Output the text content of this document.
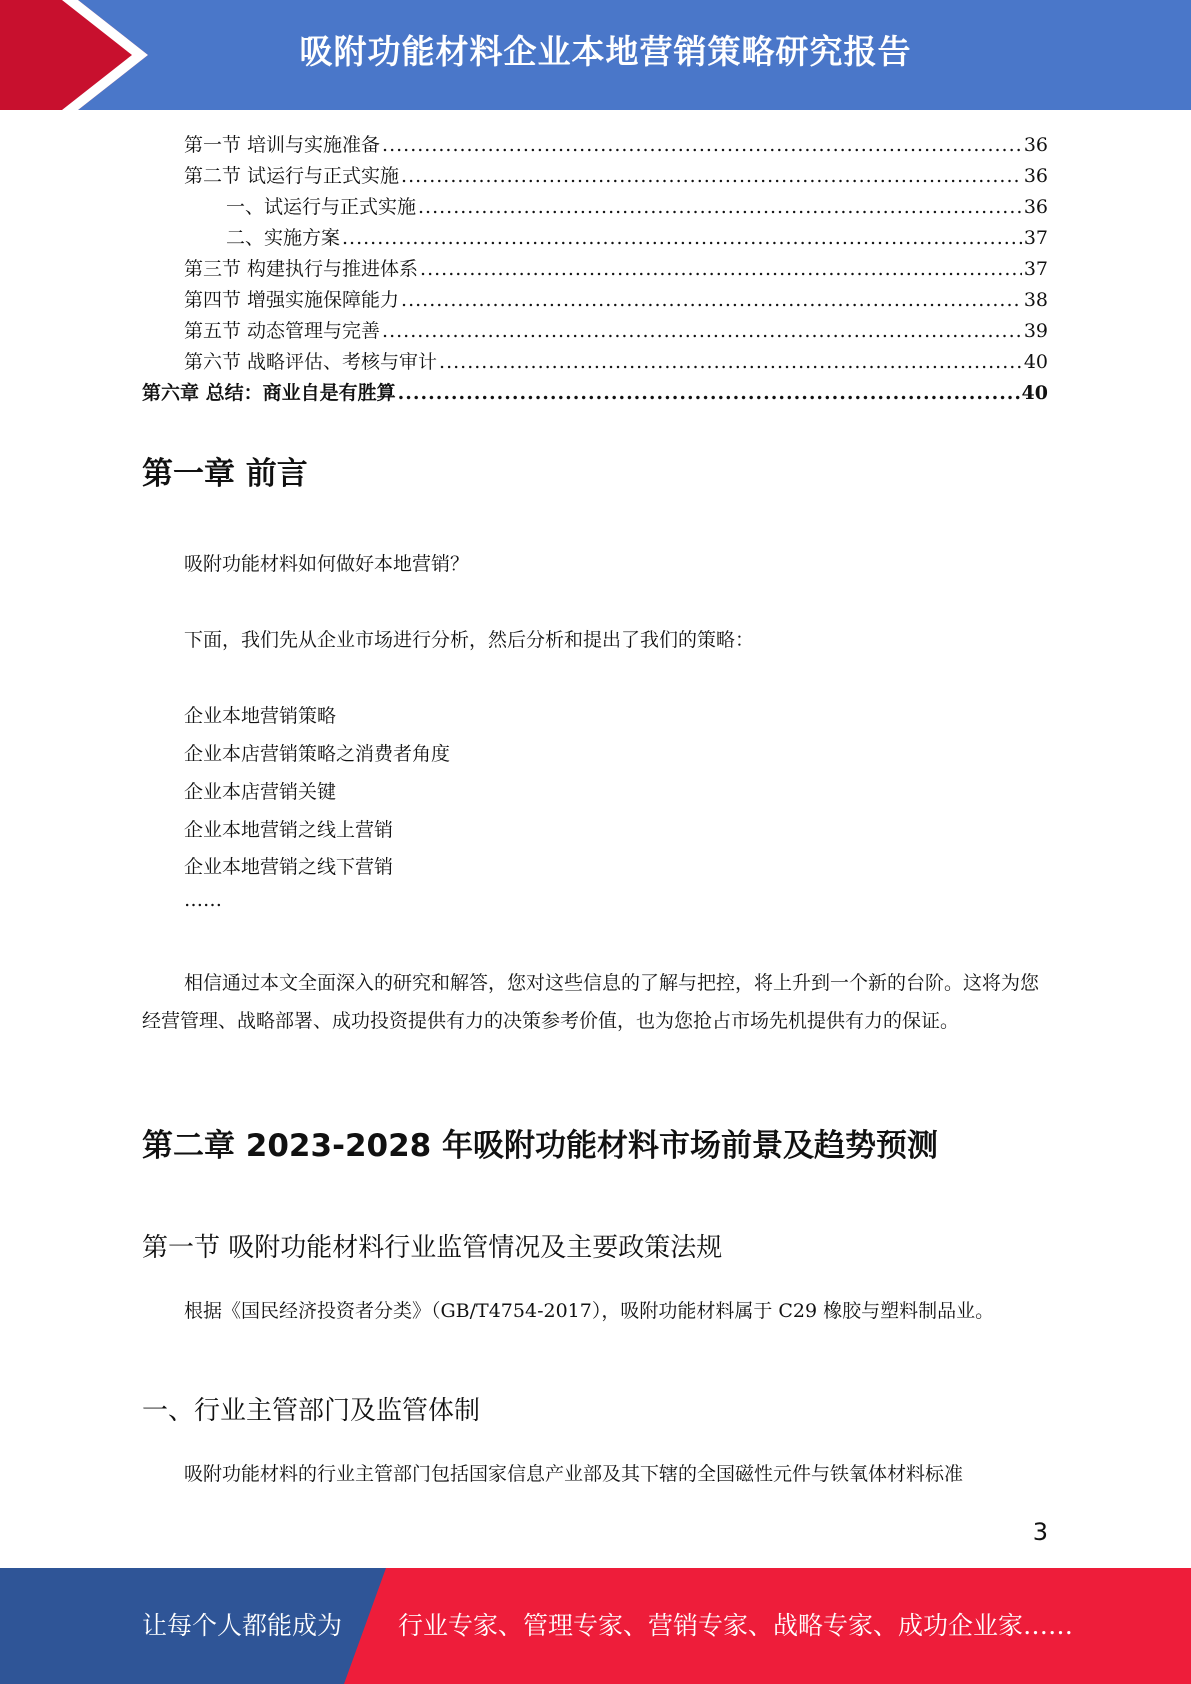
吸附功能材料企业本地营销策略研究报告
第一节 培训与实施准备 .....	36
第二节 试运行与正式实施 .....	36
一、试运行与正式实施 .....	36
二、实施方案 .....	37
第三节 构建执行与推进体系 .....	37
第四节 增强实施保障能力 .....	38
第五节 动态管理与完善 .....	39
第六节 战略评估、考核与审计 .....	40
第六章 总结：商业自是有胜算 .....	40
第一章 前言
吸附功能材料如何做好本地营销？
下面，我们先从企业市场进行分析，然后分析和提出了我们的策略：
企业本地营销策略
企业本店营销策略之消费者角度
企业本店营销关键
企业本地营销之线上营销
企业本地营销之线下营销
……
相信通过本文全面深入的研究和解答，您对这些信息的了解与把控，将上升到一个新的台阶。这将为您经营管理、战略部署、成功投资提供有力的决策参考价值，也为您抢占市场先机提供有力的保证。
第二章 2023-2028 年吸附功能材料市场前景及趋势预测
第一节 吸附功能材料行业监管情况及主要政策法规
根据《国民经济投资者分类》（GB/T4754-2017），吸附功能材料属于 C29 橡胶与塑料制品业。
一、行业主管部门及监管体制
吸附功能材料的行业主管部门包括国家信息产业部及其下辖的全国磁性元件与铁氧体材料标准
3
让每个人都能成为 行业专家、管理专家、营销专家、战略专家、成功企业家……
